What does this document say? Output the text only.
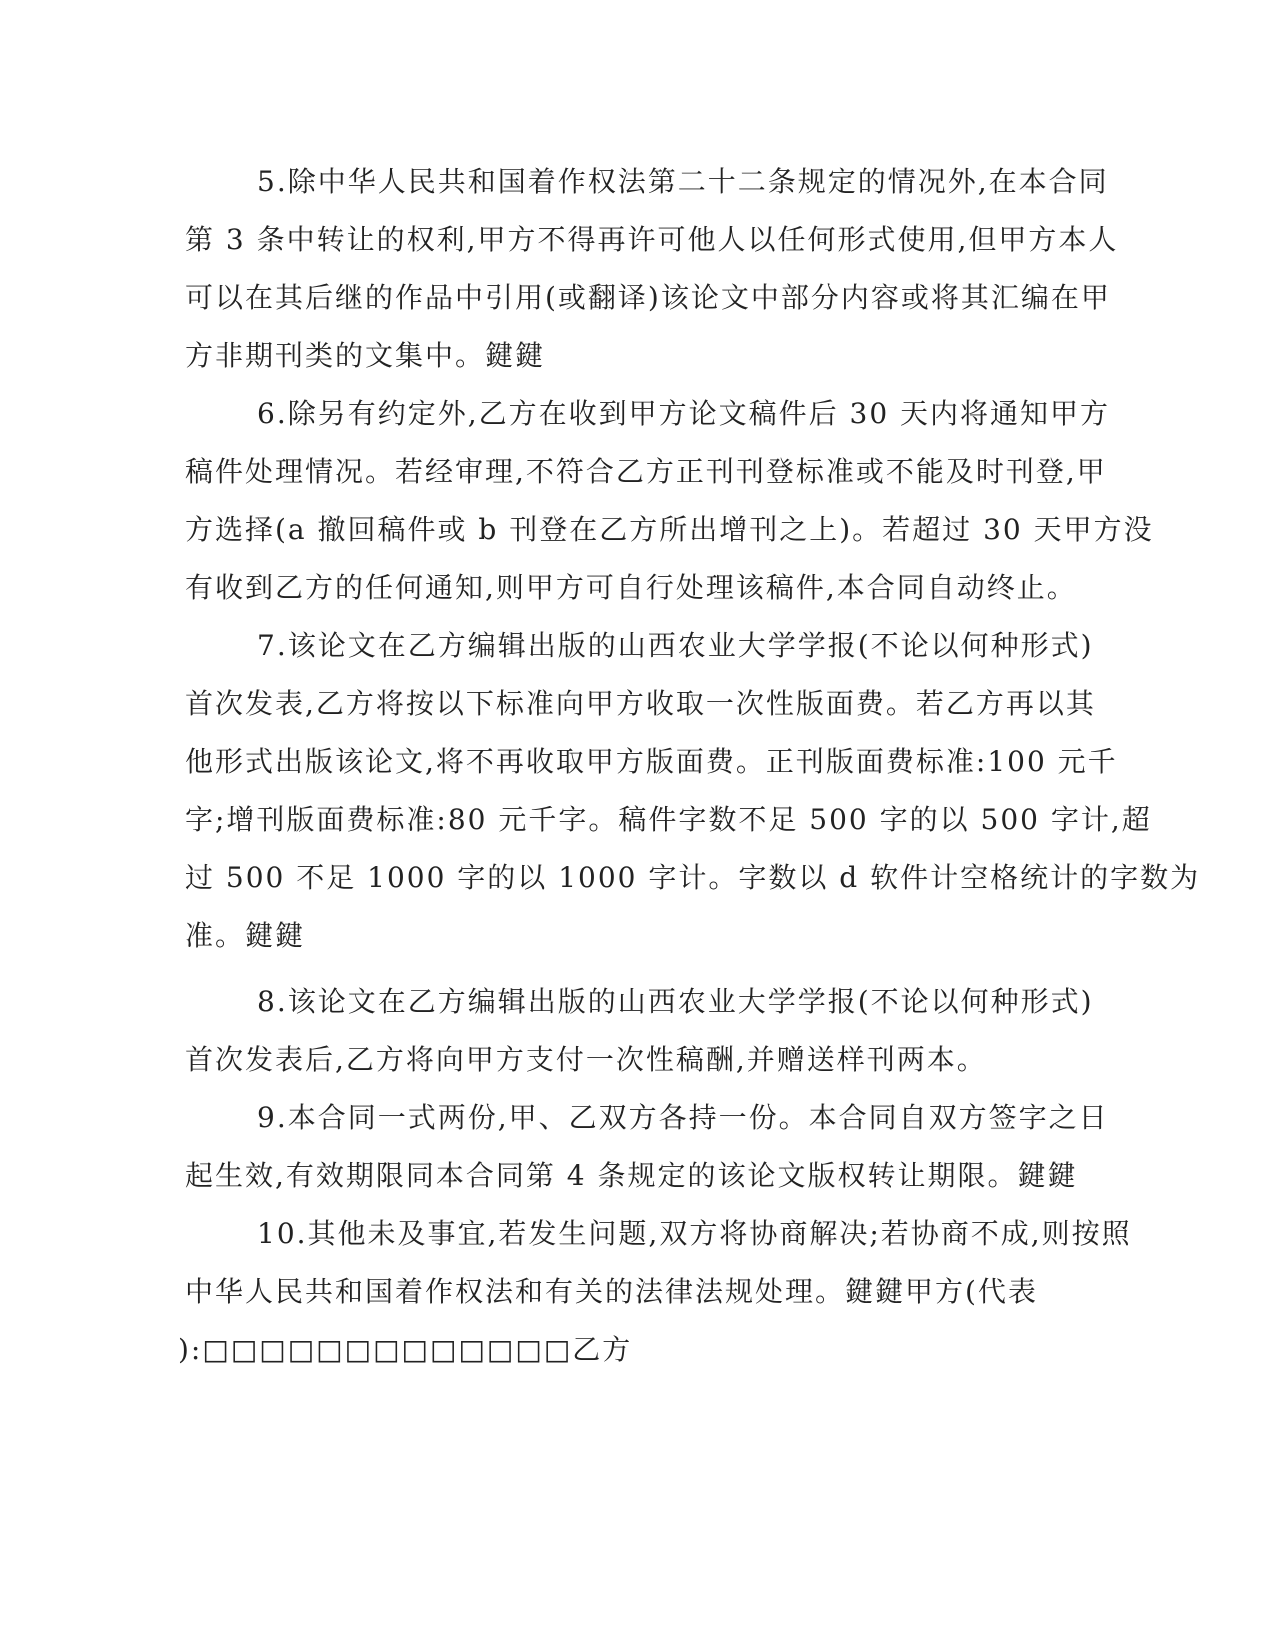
5.除中华人民共和国着作权法第二十二条规定的情况外,在本合同
第 3 条中转让的权利,甲方不得再许可他人以任何形式使用,但甲方本人
可以在其后继的作品中引用(或翻译)该论文中部分内容或将其汇编在甲
方非期刊类的文集中。鍵鍵
6.除另有约定外,乙方在收到甲方论文稿件后 30 天内将通知甲方
稿件处理情况。若经审理,不符合乙方正刊刊登标准或不能及时刊登,甲
方选择(a 撤回稿件或 b 刊登在乙方所出增刊之上)。若超过 30 天甲方没
有收到乙方的任何通知,则甲方可自行处理该稿件,本合同自动终止。
7.该论文在乙方编辑出版的山西农业大学学报(不论以何种形式)
首次发表,乙方将按以下标准向甲方收取一次性版面费。若乙方再以其
他形式出版该论文,将不再收取甲方版面费。正刊版面费标准:100 元千
字;增刊版面费标准:80 元千字。稿件字数不足 500 字的以 500 字计,超
过 500 不足 1000 字的以 1000 字计。字数以 d 软件计空格统计的字数为
准。鍵鍵
8.该论文在乙方编辑出版的山西农业大学学报(不论以何种形式)
首次发表后,乙方将向甲方支付一次性稿酬,并赠送样刊两本。
9.本合同一式两份,甲、乙双方各持一份。本合同自双方签字之日
起生效,有效期限同本合同第 4 条规定的该论文版权转让期限。鍵鍵
10.其他未及事宜,若发生问题,双方将协商解决;若协商不成,则按照
中华人民共和国着作权法和有关的法律法规处理。鍵鍵甲方(代表
):□□□□□□□□□□□□□乙方
